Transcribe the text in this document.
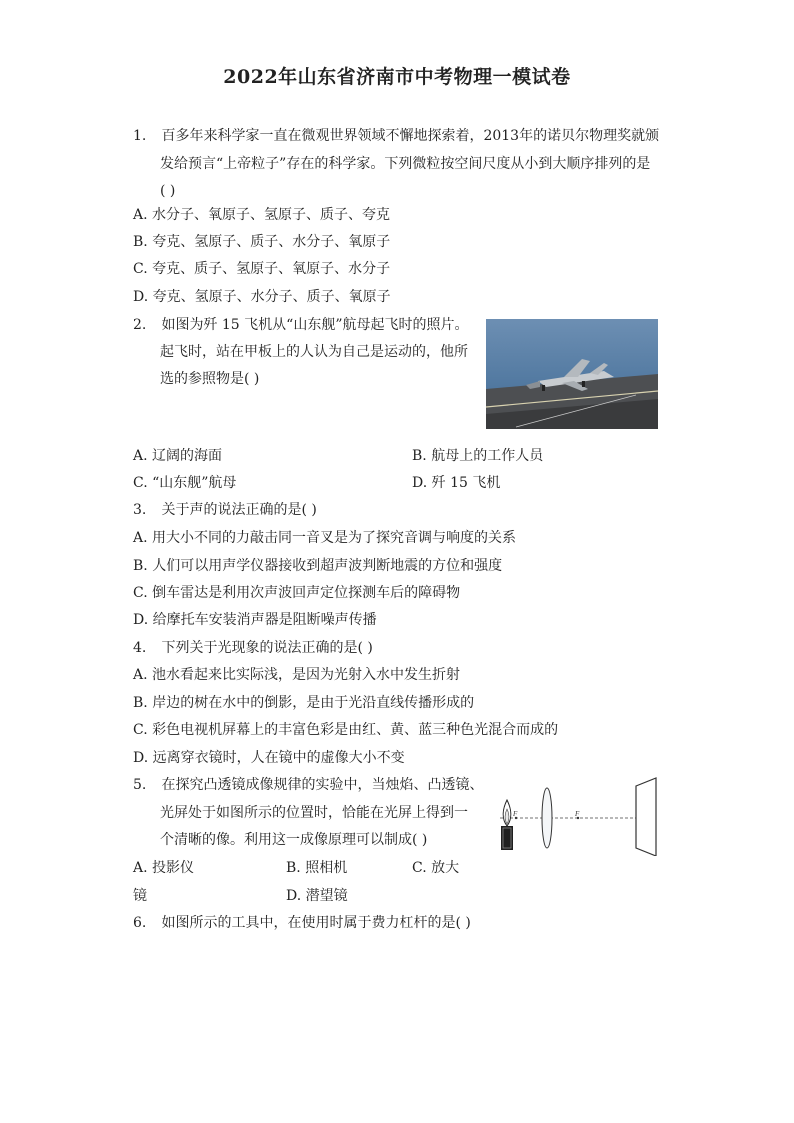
2022年山东省济南市中考物理一模试卷
1. 百多年来科学家一直在微观世界领域不懈地探索着，2013年的诺贝尔物理奖就颁
发给预言“上帝粒子”存在的科学家。下列微粒按空间尺度从小到大顺序排列的是
( )
A. 水分子、氧原子、氢原子、质子、夸克
B. 夸克、氢原子、质子、水分子、氧原子
C. 夸克、质子、氢原子、氧原子、水分子
D. 夸克、氢原子、水分子、质子、氧原子
2. 如图为歼 15 飞机从“山东舰”航母起飞时的照片。
起飞时，站在甲板上的人认为自己是运动的，他所
选的参照物是( )
A. 辽阔的海面	B. 航母上的工作人员
C. “山东舰”航母	D. 歼 15 飞机
3. 关于声的说法正确的是( )
A. 用大小不同的力敲击同一音叉是为了探究音调与响度的关系
B. 人们可以用声学仪器接收到超声波判断地震的方位和强度
C. 倒车雷达是利用次声波回声定位探测车后的障碍物
D. 给摩托车安装消声器是阻断噪声传播
4. 下列关于光现象的说法正确的是( )
A. 池水看起来比实际浅，是因为光射入水中发生折射
B. 岸边的树在水中的倒影，是由于光沿直线传播形成的
C. 彩色电视机屏幕上的丰富色彩是由红、黄、蓝三种色光混合而成的
D. 远离穿衣镜时，人在镜中的虚像大小不变
5. 在探究凸透镜成像规律的实验中，当烛焰、凸透镜、
光屏处于如图所示的位置时，恰能在光屏上得到一
个清晰的像。利用这一成像原理可以制成( )
F	F
A. 投影仪	B. 照相机	C. 放大
镜	D. 潜望镜
6. 如图所示的工具中，在使用时属于费力杠杆的是( )
